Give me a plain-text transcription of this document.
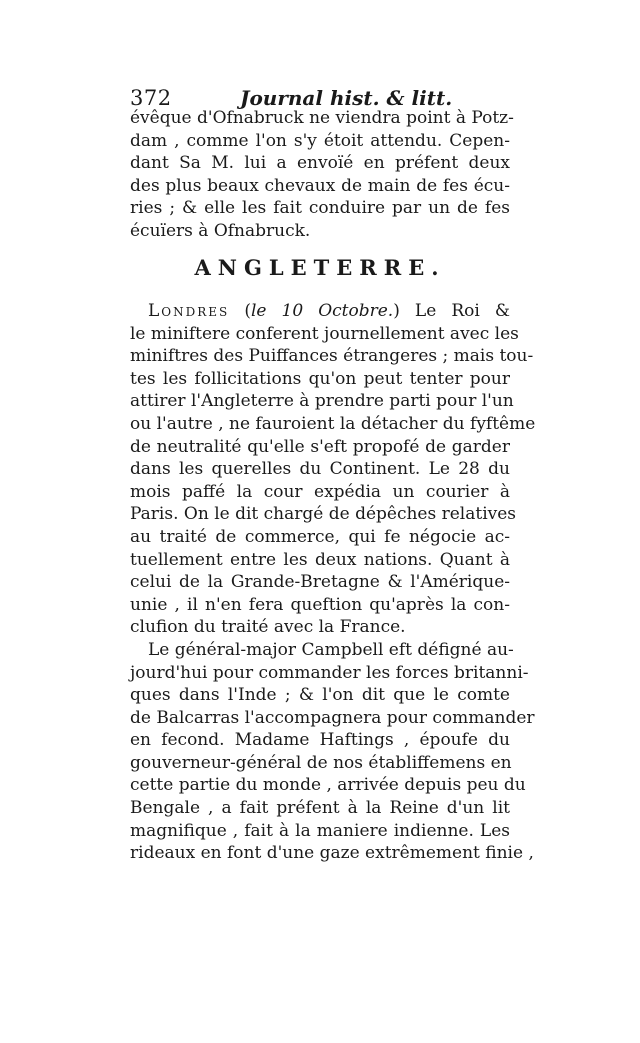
372	Journal hist. & litt.
évêque d'Ofnabruck ne viendra point à Potz-
dam , comme l'on s'y étoit attendu. Cepen-
dant Sa M. lui a envoïé en préfent deux
des plus beaux chevaux de main de fes écu-
ries ; & elle les fait conduire par un de fes
écuïers à Ofnabruck.
ANGLETERRE.
Londres (le 10 Octobre.) Le Roi &
le miniftere conferent journellement avec les
miniftres des Puiffances étrangeres ; mais tou-
tes les follicitations qu'on peut tenter pour
attirer l'Angleterre à prendre parti pour l'un
ou l'autre , ne fauroient la détacher du fyftême
de neutralité qu'elle s'eft propofé de garder
dans les querelles du Continent. Le 28 du
mois paffé la cour expédia un courier à
Paris. On le dit chargé de dépêches relatives
au traité de commerce, qui fe négocie ac-
tuellement entre les deux nations. Quant à
celui de la Grande-Bretagne & l'Amérique-
unie , il n'en fera queftion qu'après la con-
clufion du traité avec la France.
Le général-major Campbell eft défigné au-
jourd'hui pour commander les forces britanni-
ques dans l'Inde ; & l'on dit que le comte
de Balcarras l'accompagnera pour commander
en fecond. Madame Haftings , époufe du
gouverneur-général de nos établiffemens en
cette partie du monde , arrivée depuis peu du
Bengale , a fait préfent à la Reine d'un lit
magnifique , fait à la maniere indienne. Les
rideaux en font d'une gaze extrêmement finie ,
